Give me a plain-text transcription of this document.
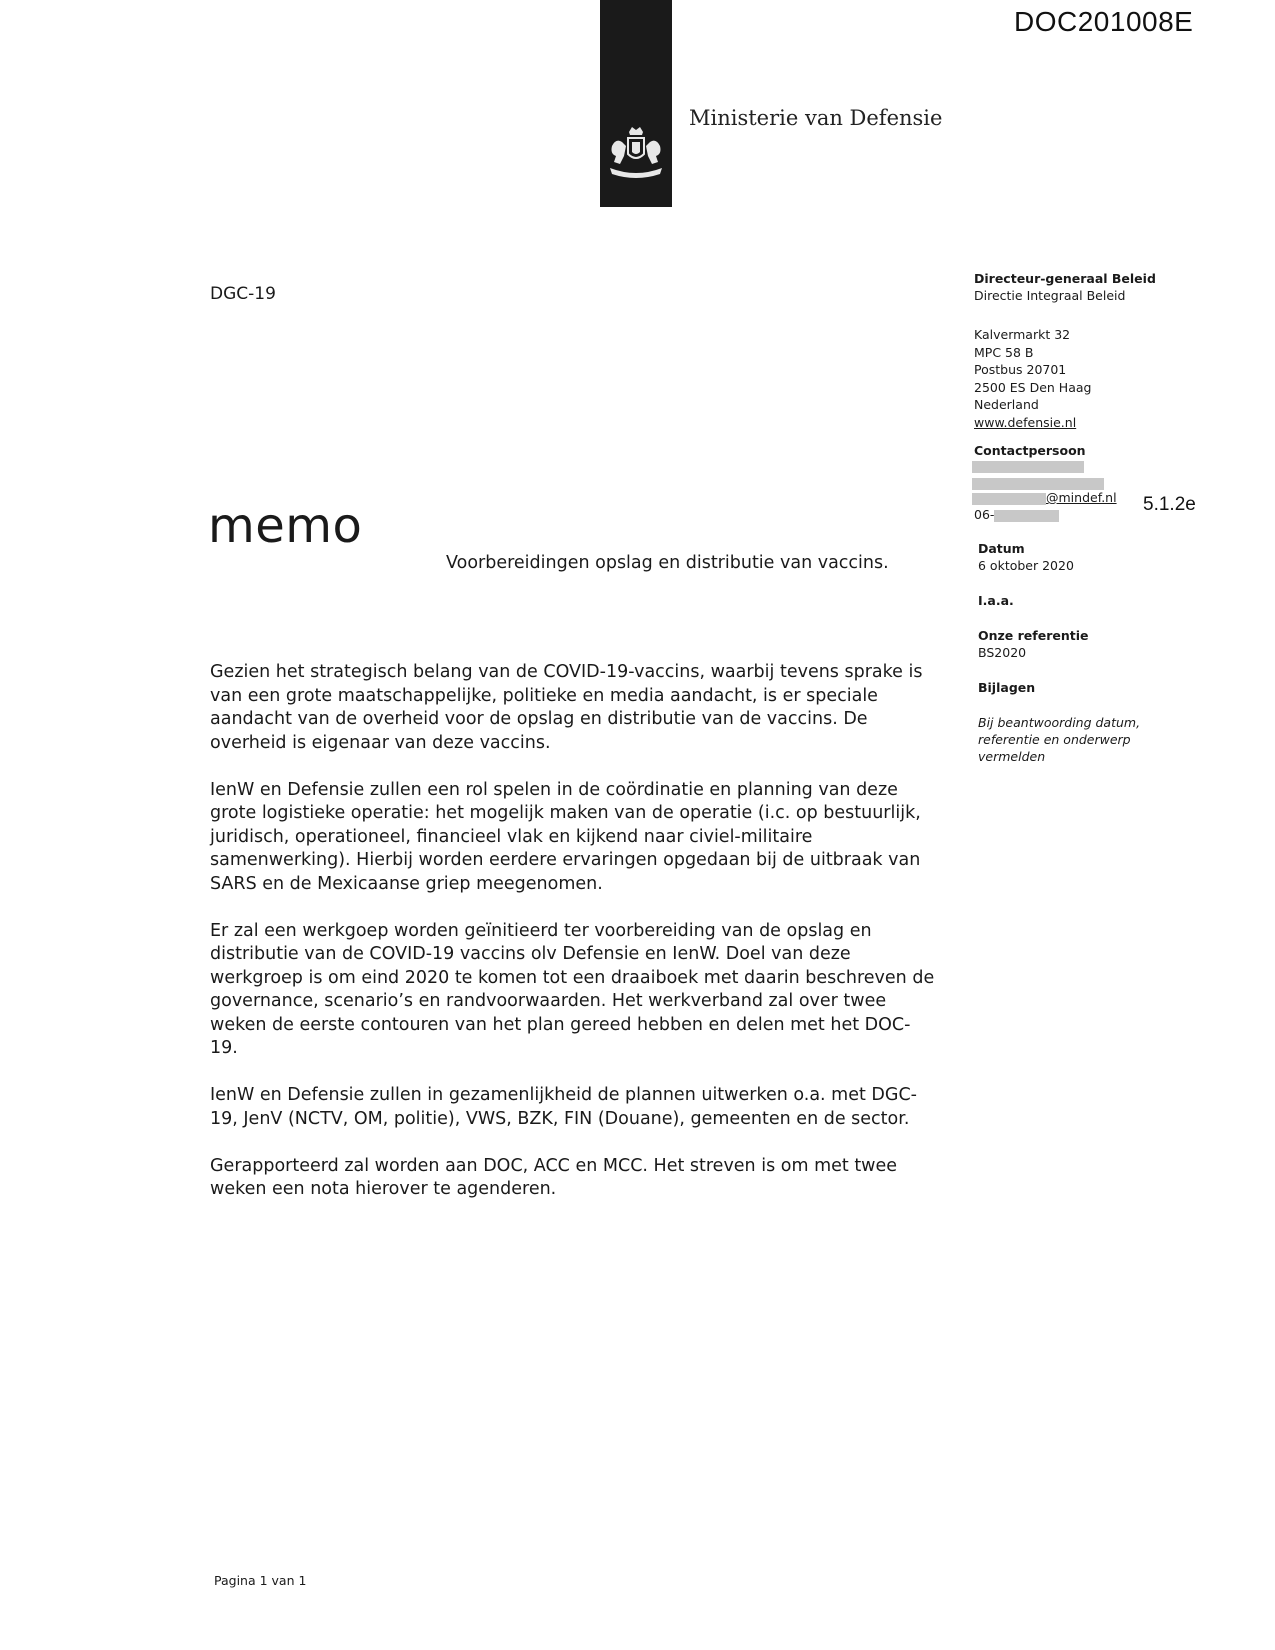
DOC201008E
Ministerie van Defensie
DGC-19
Directeur-generaal Beleid
Directie Integraal Beleid
Kalvermarkt 32
MPC 58 B
Postbus 20701
2500 ES Den Haag
Nederland
www.defensie.nl
Contactpersoon
@mindef.nl
06-
Datum
6 oktober 2020
I.a.a.
Onze referentie
BS2020
Bijlagen
Bij beantwoording datum,
referentie en onderwerp
vermelden
5.1.2e
memo
Voorbereidingen opslag en distributie van vaccins.

Gezien het strategisch belang van de COVID-19-vaccins, waarbij tevens sprake is
van een grote maatschappelijke, politieke en media aandacht, is er speciale
aandacht van de overheid voor de opslag en distributie van de vaccins. De
overheid is eigenaar van deze vaccins.

IenW en Defensie zullen een rol spelen in de coördinatie en planning van deze
grote logistieke operatie: het mogelijk maken van de operatie (i.c. op bestuurlijk,
juridisch, operationeel, financieel vlak en kijkend naar civiel-militaire
samenwerking). Hierbij worden eerdere ervaringen opgedaan bij de uitbraak van
SARS en de Mexicaanse griep meegenomen.

Er zal een werkgoep worden geïnitieerd ter voorbereiding van de opslag en
distributie van de COVID-19 vaccins olv Defensie en IenW. Doel van deze
werkgroep is om eind 2020 te komen tot een draaiboek met daarin beschreven de
governance, scenario’s en randvoorwaarden. Het werkverband zal over twee
weken de eerste contouren van het plan gereed hebben en delen met het DOC-
19.

IenW en Defensie zullen in gezamenlijkheid de plannen uitwerken o.a. met DGC-
19, JenV (NCTV, OM, politie), VWS, BZK, FIN (Douane), gemeenten en de sector.

Gerapporteerd zal worden aan DOC, ACC en MCC. Het streven is om met twee
weken een nota hierover te agenderen.

Pagina 1 van 1
